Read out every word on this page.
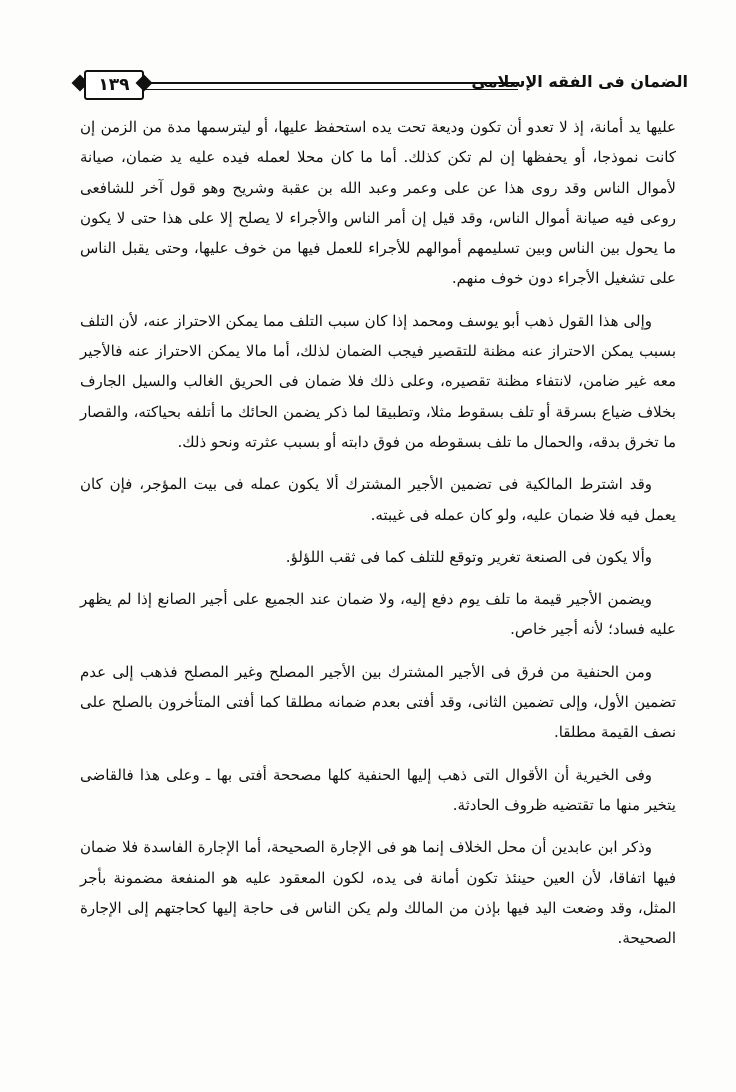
الضمان فى الفقه الإسلامى
١٣٩

عليها يد أمانة، إذ لا تعدو أن تكون وديعة تحت يده استحفظ عليها، أو ليترسمها مدة من الزمن إن كانت نموذجا، أو يحفظها إن لم تكن كذلك. أما ما كان محلا لعمله فيده عليه يد ضمان، صيانة لأموال الناس وقد روى هذا عن على وعمر وعبد الله بن عقبة وشريح وهو قول آخر للشافعى روعى فيه صيانة أموال الناس، وقد قيل إن أمر الناس والأجراء لا يصلح إلا على هذا حتى لا يكون ما يحول بين الناس وبين تسليمهم أموالهم للأجراء للعمل فيها من خوف عليها، وحتى يقبل الناس على تشغيل الأجراء دون خوف منهم.

وإلى هذا القول ذهب أبو يوسف ومحمد إذا كان سبب التلف مما يمكن الاحتراز عنه، لأن التلف بسبب يمكن الاحتراز عنه مظنة للتقصير فيجب الضمان لذلك، أما مالا يمكن الاحتراز عنه فالأجير معه غير ضامن، لانتفاء مظنة تقصيره، وعلى ذلك فلا ضمان فى الحريق الغالب والسيل الجارف بخلاف ضياع بسرقة أو تلف بسقوط مثلا، وتطبيقا لما ذكر يضمن الحائك ما أتلفه بحياكته، والقصار ما تخرق بدقه، والحمال ما تلف بسقوطه من فوق دابته أو بسبب عثرته ونحو ذلك.

وقد اشترط المالكية فى تضمين الأجير المشترك ألا يكون عمله فى بيت المؤجر، فإن كان يعمل فيه فلا ضمان عليه، ولو كان عمله فى غيبته.

وألا يكون فى الصنعة تغرير وتوقع للتلف كما فى ثقب اللؤلؤ.

ويضمن الأجير قيمة ما تلف يوم دفع إليه، ولا ضمان عند الجميع على أجير الصانع إذا لم يظهر عليه فساد؛ لأنه أجير خاص.

ومن الحنفية من فرق فى الأجير المشترك بين الأجير المصلح وغير المصلح فذهب إلى عدم تضمين الأول، وإلى تضمين الثانى، وقد أفتى بعدم ضمانه مطلقا كما أفتى المتأخرون بالصلح على نصف القيمة مطلقا.

وفى الخيرية أن الأقوال التى ذهب إليها الحنفية كلها مصححة أفتى بها ـ وعلى هذا فالقاضى يتخير منها ما تقتضيه ظروف الحادثة.

وذكر ابن عابدين أن محل الخلاف إنما هو فى الإجارة الصحيحة، أما الإجارة الفاسدة فلا ضمان فيها اتفاقا، لأن العين حينئذ تكون أمانة فى يده، لكون المعقود عليه هو المنفعة مضمونة بأجر المثل، وقد وضعت اليد فيها بإذن من المالك ولم يكن الناس فى حاجة إليها كحاجتهم إلى الإجارة الصحيحة.
